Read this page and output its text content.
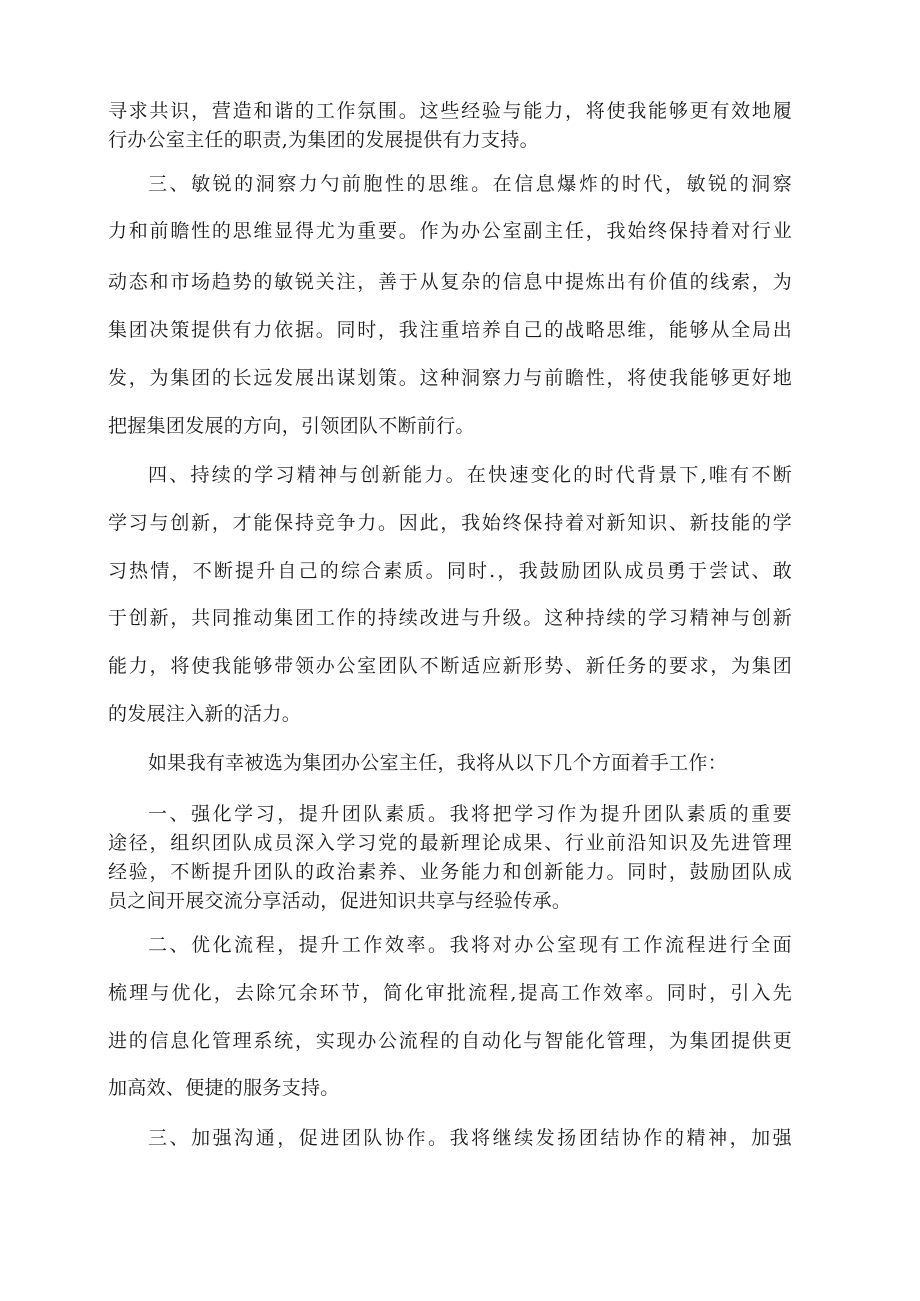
寻求共识，营造和谐的工作氛围。这些经验与能力，将使我能够更有效地履
行办公室主任的职责,为集团的发展提供有力支持。
三、敏锐的洞察力勺前胞性的思维。在信息爆炸的时代，敏锐的洞察
力和前瞻性的思维显得尤为重要。作为办公室副主任，我始终保持着对行业
动态和市场趋势的敏锐关注，善于从复杂的信息中提炼出有价值的线索，为
集团决策提供有力依据。同时，我注重培养自己的战略思维，能够从全局出
发，为集团的长远发展出谋划策。这种洞察力与前瞻性，将使我能够更好地
把握集团发展的方向，引领团队不断前行。
四、持续的学习精神与创新能力。在快速变化的时代背景下,唯有不断
学习与创新，才能保持竞争力。因此，我始终保持着对新知识、新技能的学
习热情，不断提升自己的综合素质。同时.，我鼓励团队成员勇于尝试、敢
于创新，共同推动集团工作的持续改进与升级。这种持续的学习精神与创新
能力，将使我能够带领办公室团队不断适应新形势、新任务的要求，为集团
的发展注入新的活力。
如果我有幸被选为集团办公室主任，我将从以下几个方面着手工作：
一、强化学习，提升团队素质。我将把学习作为提升团队素质的重要
途径，组织团队成员深入学习党的最新理论成果、行业前沿知识及先进管理
经验，不断提升团队的政治素养、业务能力和创新能力。同时，鼓励团队成
员之间开展交流分享活动，促进知识共享与经验传承。
二、优化流程，提升工作效率。我将对办公室现有工作流程进行全面
梳理与优化，去除冗余环节，简化审批流程,提高工作效率。同时，引入先
进的信息化管理系统，实现办公流程的自动化与智能化管理，为集团提供更
加高效、便捷的服务支持。
三、加强沟通，促进团队协作。我将继续发扬团结协作的精神，加强
